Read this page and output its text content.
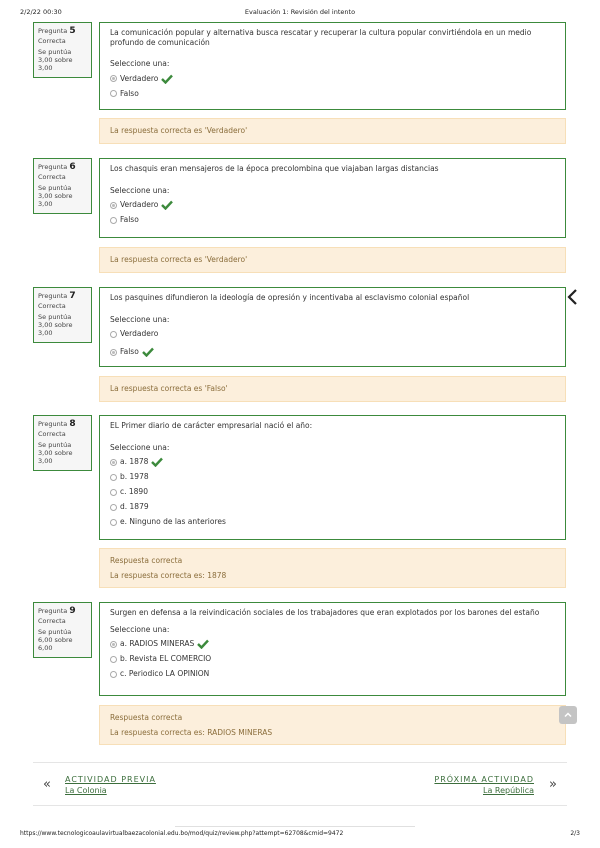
2/2/22 00:30	Evaluación 1: Revisión del intento
Pregunta 5
Correcta
Se puntúa 3,00 sobre 3,00
La comunicación popular y alternativa busca rescatar y recuperar la cultura popular convirtiéndola en un medio profundo de comunicación
Seleccione una:
Verdadero
Falso
La respuesta correcta es 'Verdadero'
Pregunta 6
Correcta
Se puntúa 3,00 sobre 3,00
Los chasquis eran mensajeros de la época precolombina que viajaban largas distancias
Seleccione una:
Verdadero
Falso
La respuesta correcta es 'Verdadero'
Pregunta 7
Correcta
Se puntúa 3,00 sobre 3,00
Los pasquines difundieron la ideología de opresión y incentivaba al esclavismo colonial español
Seleccione una:
Verdadero
Falso
La respuesta correcta es 'Falso'
Pregunta 8
Correcta
Se puntúa 3,00 sobre 3,00
EL Primer diario de carácter empresarial nació el año:
Seleccione una:
a. 1878
b. 1978
c. 1890
d. 1879
e. Ninguno de las anteriores
Respuesta correcta
La respuesta correcta es: 1878
Pregunta 9
Correcta
Se puntúa 6,00 sobre 6,00
Surgen en defensa a la reivindicación sociales de los trabajadores que eran explotados por los barones del estaño
Seleccione una:
a. RADIOS MINERAS
b. Revista EL COMERCIO
c. Periodico LA OPINION
Respuesta correcta
La respuesta correcta es: RADIOS MINERAS
« ACTIVIDAD PREVIA
La Colonia
PRÓXIMA ACTIVIDAD
La República »
https://www.tecnologicoaulavirtualbaezacolonial.edu.bo/mod/quiz/review.php?attempt=62708&cmid=9472	2/3
